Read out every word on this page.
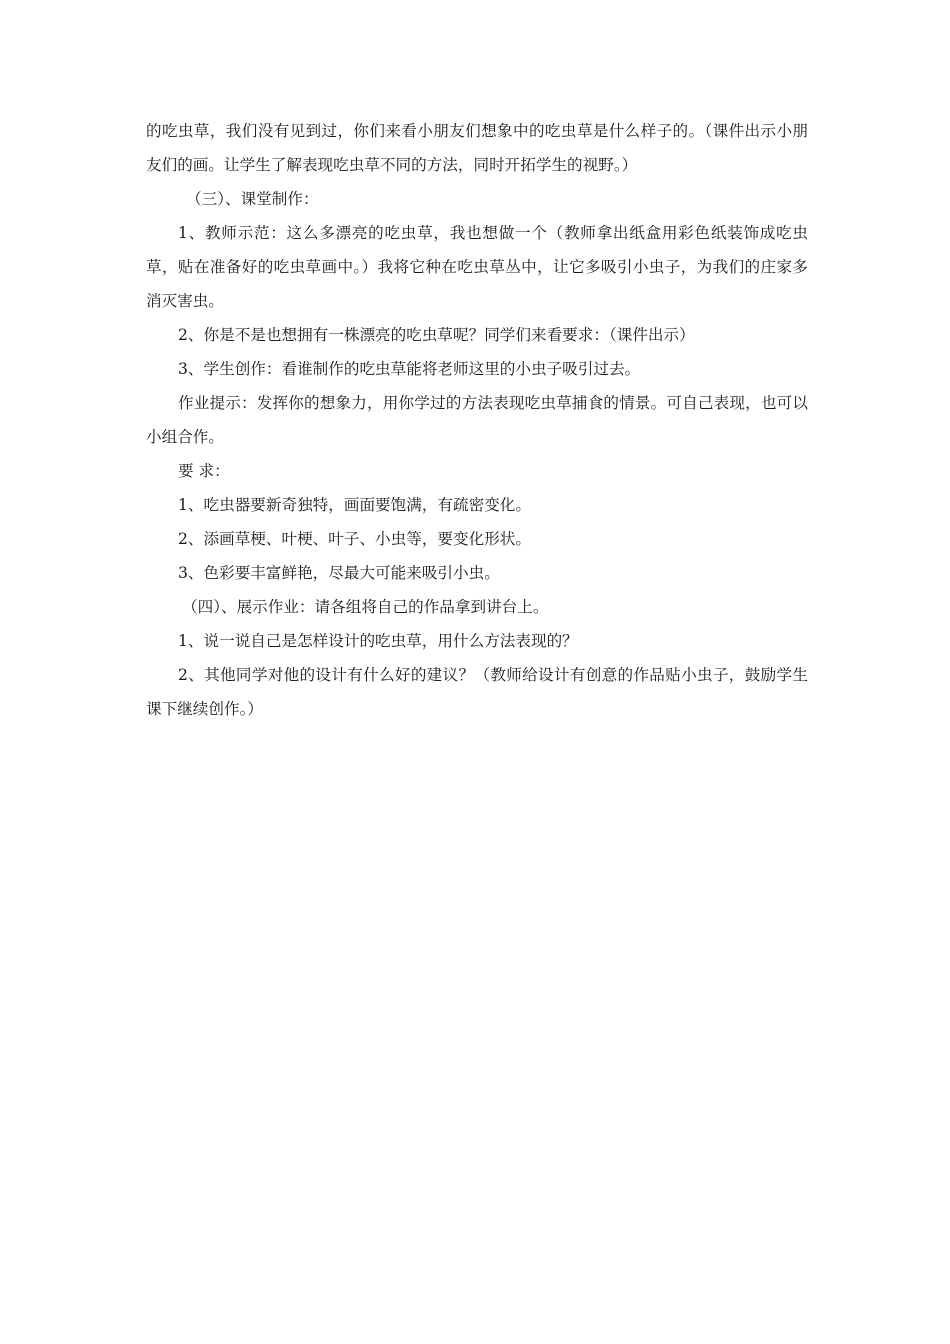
的吃虫草，我们没有见到过，你们来看小朋友们想象中的吃虫草是什么样子的。（课件出示小朋友们的画。让学生了解表现吃虫草不同的方法，同时开拓学生的视野。）

（三）、课堂制作：

1、教师示范：这么多漂亮的吃虫草，我也想做一个（教师拿出纸盒用彩色纸装饰成吃虫草，贴在准备好的吃虫草画中。）我将它种在吃虫草丛中，让它多吸引小虫子，为我们的庄家多消灭害虫。

2、你是不是也想拥有一株漂亮的吃虫草呢？同学们来看要求：（课件出示）

3、学生创作：看谁制作的吃虫草能将老师这里的小虫子吸引过去。

作业提示：发挥你的想象力，用你学过的方法表现吃虫草捕食的情景。可自己表现，也可以小组合作。

要 求：

1、吃虫器要新奇独特，画面要饱满，有疏密变化。

2、添画草梗、叶梗、叶子、小虫等，要变化形状。

3、色彩要丰富鲜艳，尽最大可能来吸引小虫。

（四）、展示作业：请各组将自己的作品拿到讲台上。

1、说一说自己是怎样设计的吃虫草，用什么方法表现的？

2、其他同学对他的设计有什么好的建议？（教师给设计有创意的作品贴小虫子，鼓励学生课下继续创作。）
